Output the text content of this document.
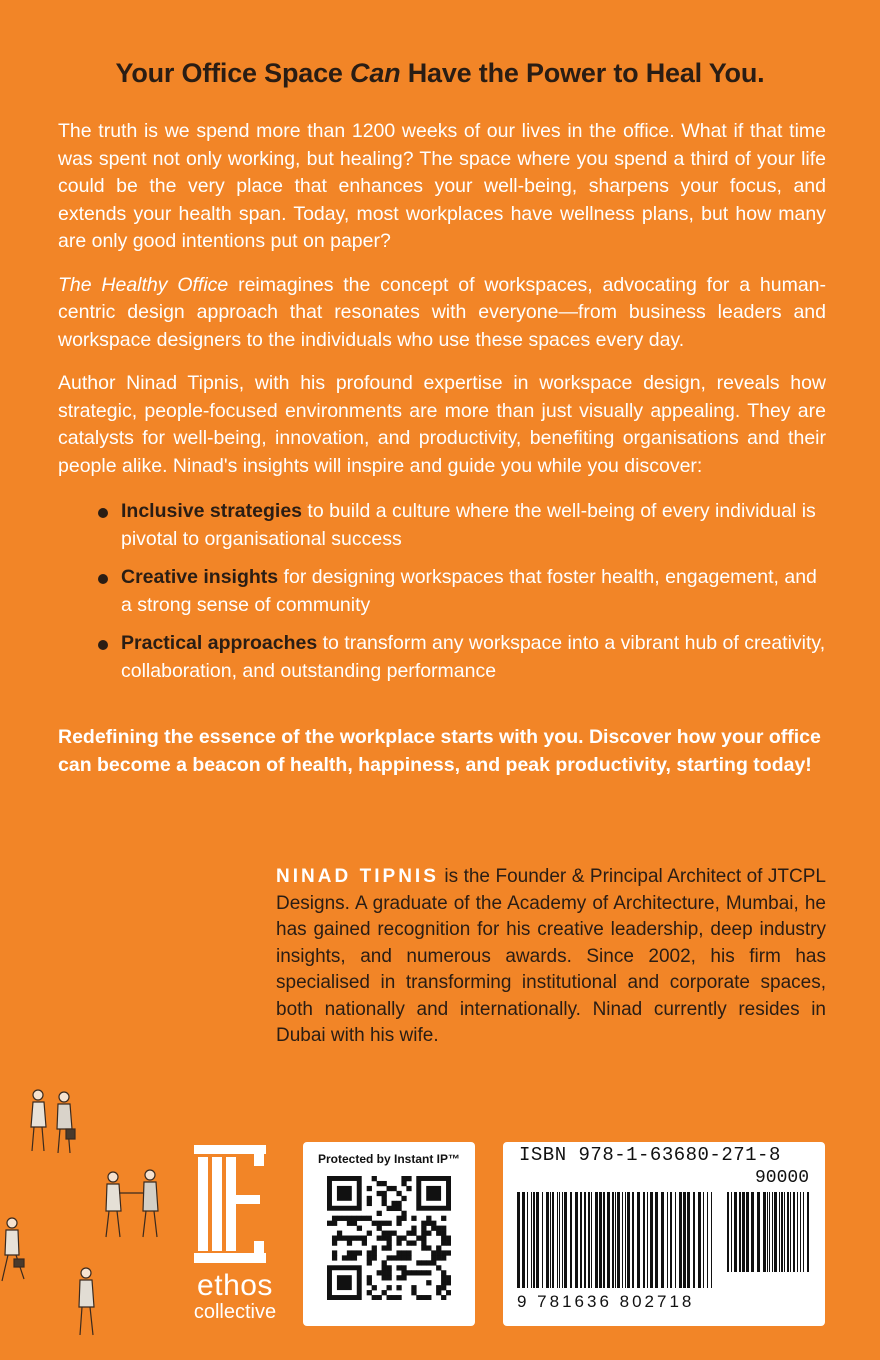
Your Office Space Can Have the Power to Heal You.

The truth is we spend more than 1200 weeks of our lives in the office. What if that time was spent not only working, but healing? The space where you spend a third of your life could be the very place that enhances your well-being, sharpens your focus, and extends your health span. Today, most workplaces have wellness plans, but how many are only good intentions put on paper?

The Healthy Office reimagines the concept of workspaces, advocating for a human-centric design approach that resonates with everyone—from business leaders and workspace designers to the individuals who use these spaces every day.

Author Ninad Tipnis, with his profound expertise in workspace design, reveals how strategic, people-focused environments are more than just visually appealing. They are catalysts for well-being, innovation, and productivity, benefiting organisations and their people alike. Ninad's insights will inspire and guide you while you discover:

Inclusive strategies to build a culture where the well-being of every individual is pivotal to organisational success
Creative insights for designing workspaces that foster health, engagement, and a strong sense of community
Practical approaches to transform any workspace into a vibrant hub of creativity, collaboration, and outstanding performance

Redefining the essence of the workplace starts with you. Discover how your office can become a beacon of health, happiness, and peak productivity, starting today!

NINAD TIPNIS is the Founder & Principal Architect of JTCPL Designs. A graduate of the Academy of Architecture, Mumbai, he has gained recognition for his creative leadership, deep industry insights, and numerous awards. Since 2002, his firm has specialised in transforming institutional and corporate spaces, both nationally and internationally. Ninad currently resides in Dubai with his wife.

ethos
collective
Protected by Instant IP™	ISBN 978-1-63680-271-8
90000
9 781636 802718
